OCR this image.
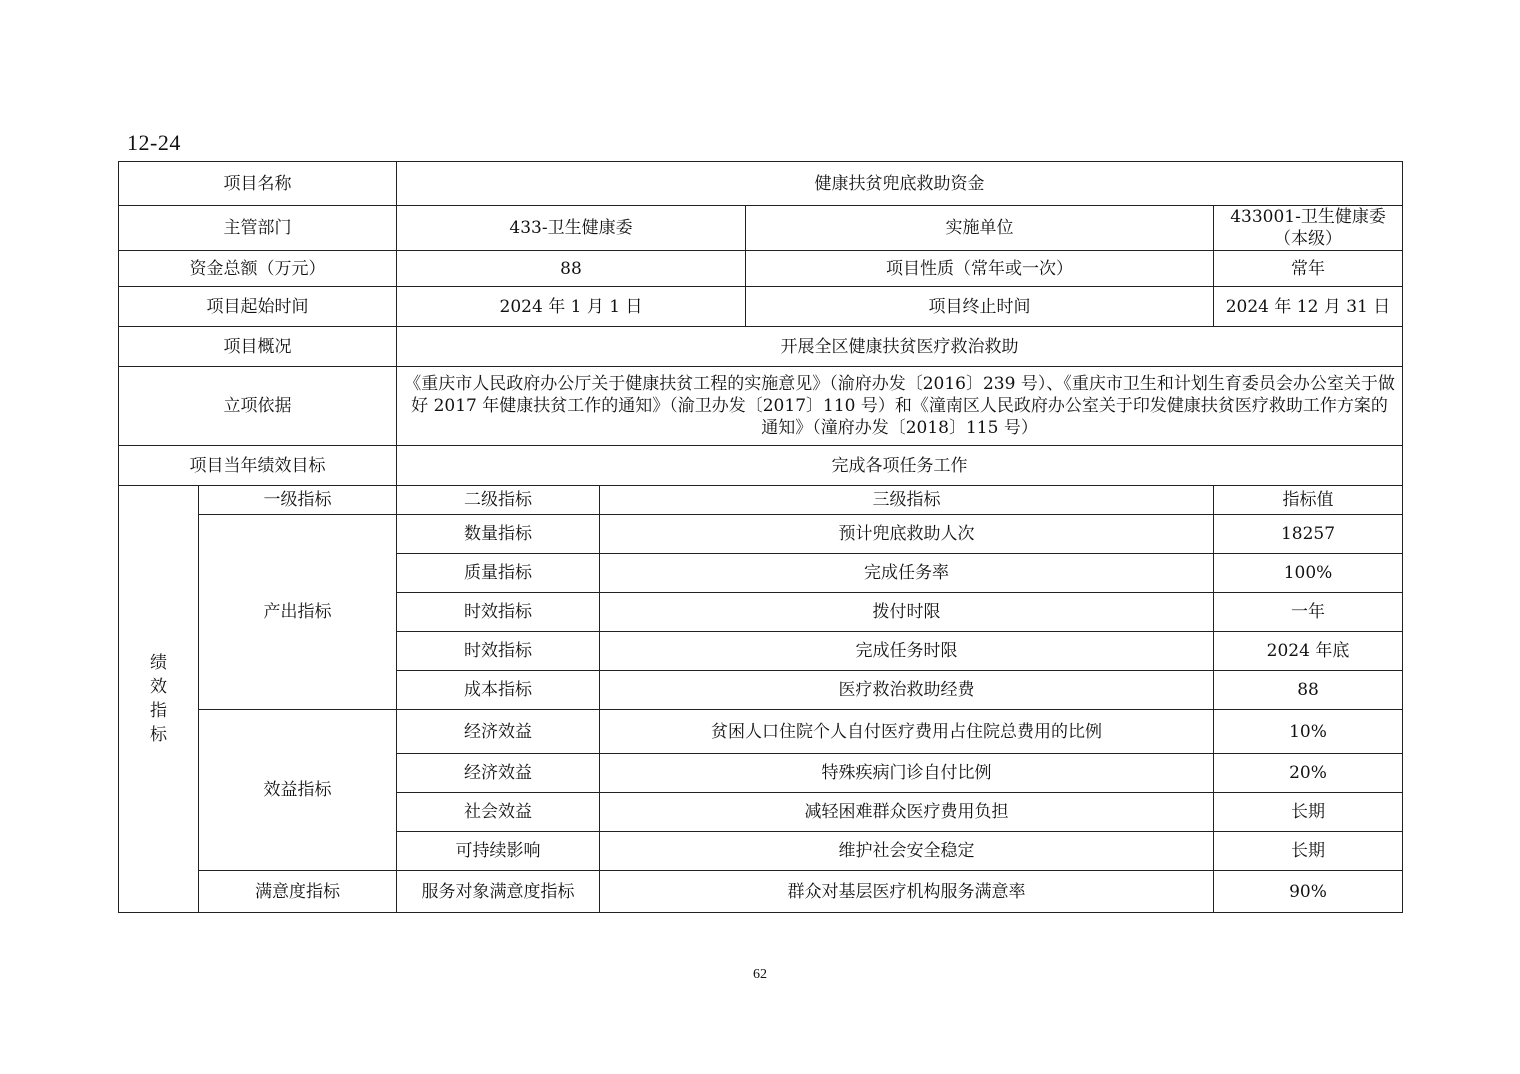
12-24
项目名称		健康扶贫兜底救助资金			
主管部门		433-卫生健康委		实施单位	433001-卫生健康委（本级）
资金总额（万元）		88		项目性质（常年或一次）	常年
项目起始时间		2024 年 1 月 1 日		项目终止时间	2024 年 12 月 31 日
项目概况		开展全区健康扶贫医疗救治救助			
立项依据		《重庆市人民政府办公厅关于健康扶贫工程的实施意见》（渝府办发〔2016〕239 号）、《重庆市卫生和计划生育委员会办公室关于做好 2017 年健康扶贫工作的通知》（渝卫办发〔2017〕110 号）和《潼南区人民政府办公室关于印发健康扶贫医疗救助工作方案的通知》（潼府办发〔2018〕115 号）			
项目当年绩效目标		完成各项任务工作			
绩效指标	一级指标	二级指标	三级指标		指标值
	产出指标	数量指标	预计兜底救助人次		18257
		质量指标	完成任务率		100%
		时效指标	拨付时限		一年
		时效指标	完成任务时限		2024 年底
		成本指标	医疗救治救助经费		88
	效益指标	经济效益	贫困人口住院个人自付医疗费用占住院总费用的比例		10%
		经济效益	特殊疾病门诊自付比例		20%
		社会效益	减轻困难群众医疗费用负担		长期
		可持续影响	维护社会安全稳定		长期
	满意度指标	服务对象满意度指标	群众对基层医疗机构服务满意率		90%
62
